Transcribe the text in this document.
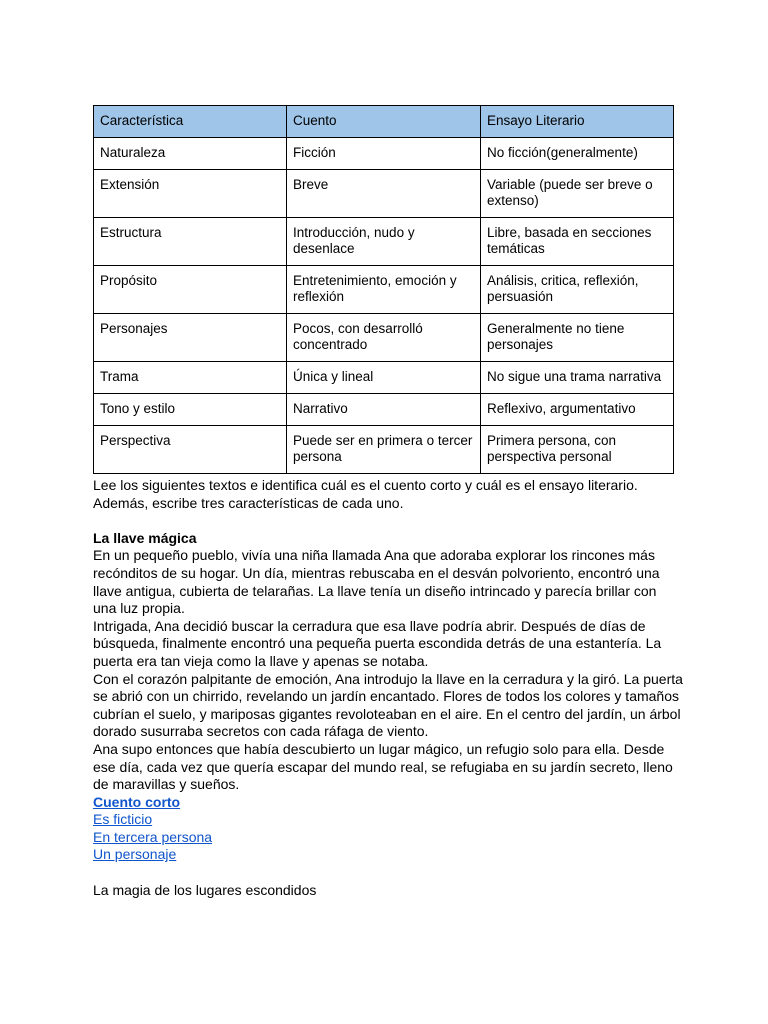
Característica	Cuento	Ensayo Literario
Naturaleza	Ficción	No ficción(generalmente)
Extensión	Breve	Variable (puede ser breve o extenso)
Estructura	Introducción, nudo y desenlace	Libre, basada en secciones temáticas
Propósito	Entretenimiento, emoción y reflexión	Análisis, critica, reflexión, persuasión
Personajes	Pocos, con desarrolló concentrado	Generalmente no tiene personajes
Trama	Única y lineal	No sigue una trama narrativa
Tono y estilo	Narrativo	Reflexivo, argumentativo
Perspectiva	Puede ser en primera o tercer persona	Primera persona, con perspectiva personal

Lee los siguientes textos e identifica cuál es el cuento corto y cuál es el ensayo literario. Además, escribe tres características de cada uno.

La llave mágica

En un pequeño pueblo, vivía una niña llamada Ana que adoraba explorar los rincones más recónditos de su hogar. Un día, mientras rebuscaba en el desván polvoriento, encontró una llave antigua, cubierta de telarañas. La llave tenía un diseño intrincado y parecía brillar con una luz propia.

Intrigada, Ana decidió buscar la cerradura que esa llave podría abrir. Después de días de búsqueda, finalmente encontró una pequeña puerta escondida detrás de una estantería. La puerta era tan vieja como la llave y apenas se notaba.

Con el corazón palpitante de emoción, Ana introdujo la llave en la cerradura y la giró. La puerta se abrió con un chirrido, revelando un jardín encantado. Flores de todos los colores y tamaños cubrían el suelo, y mariposas gigantes revoloteaban en el aire. En el centro del jardín, un árbol dorado susurraba secretos con cada ráfaga de viento.

Ana supo entonces que había descubierto un lugar mágico, un refugio solo para ella. Desde ese día, cada vez que quería escapar del mundo real, se refugiaba en su jardín secreto, lleno de maravillas y sueños.

Cuento corto
Es ficticio
En tercera persona
Un personaje

La magia de los lugares escondidos
